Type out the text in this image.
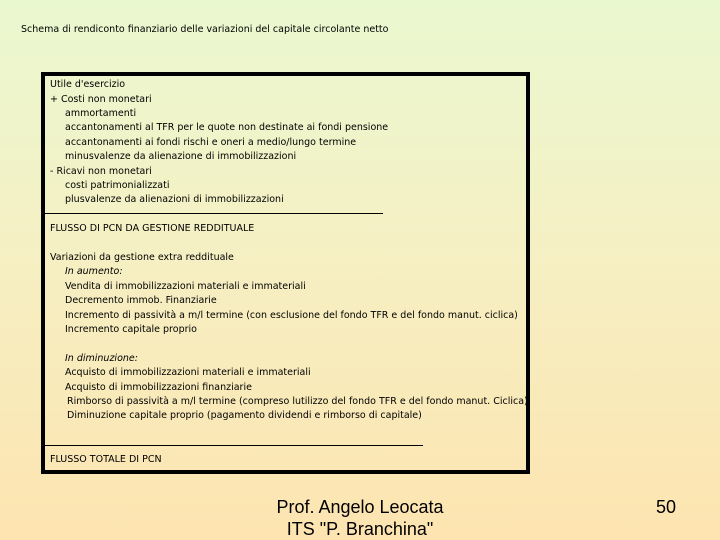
Schema di rendiconto finanziario delle variazioni del capitale circolante netto
Utile d'esercizio
+ Costi non monetari
ammortamenti
accantonamenti al TFR per le quote non destinate ai fondi pensione
accantonamenti ai fondi rischi e oneri a medio/lungo termine
minusvalenze da alienazione di immobilizzazioni
- Ricavi non monetari
costi patrimonializzati
plusvalenze da alienazioni di immobilizzazioni
FLUSSO DI PCN DA GESTIONE REDDITUALE
Variazioni da gestione extra reddituale
In aumento:
Vendita di immobilizzazioni materiali e immateriali
Decremento immob. Finanziarie
Incremento di passività a m/l termine (con esclusione del fondo TFR e del fondo manut. ciclica)
Incremento capitale proprio
In diminuzione:
Acquisto di immobilizzazioni materiali e immateriali
Acquisto di immobilizzazioni finanziarie
Rimborso di passività a m/l termine (compreso lutilizzo del fondo TFR e del fondo manut. Ciclica)
Diminuzione capitale proprio (pagamento dividendi e rimborso di capitale)
FLUSSO TOTALE DI PCN
Prof. Angelo Leocata
ITS "P. Branchina"
50
